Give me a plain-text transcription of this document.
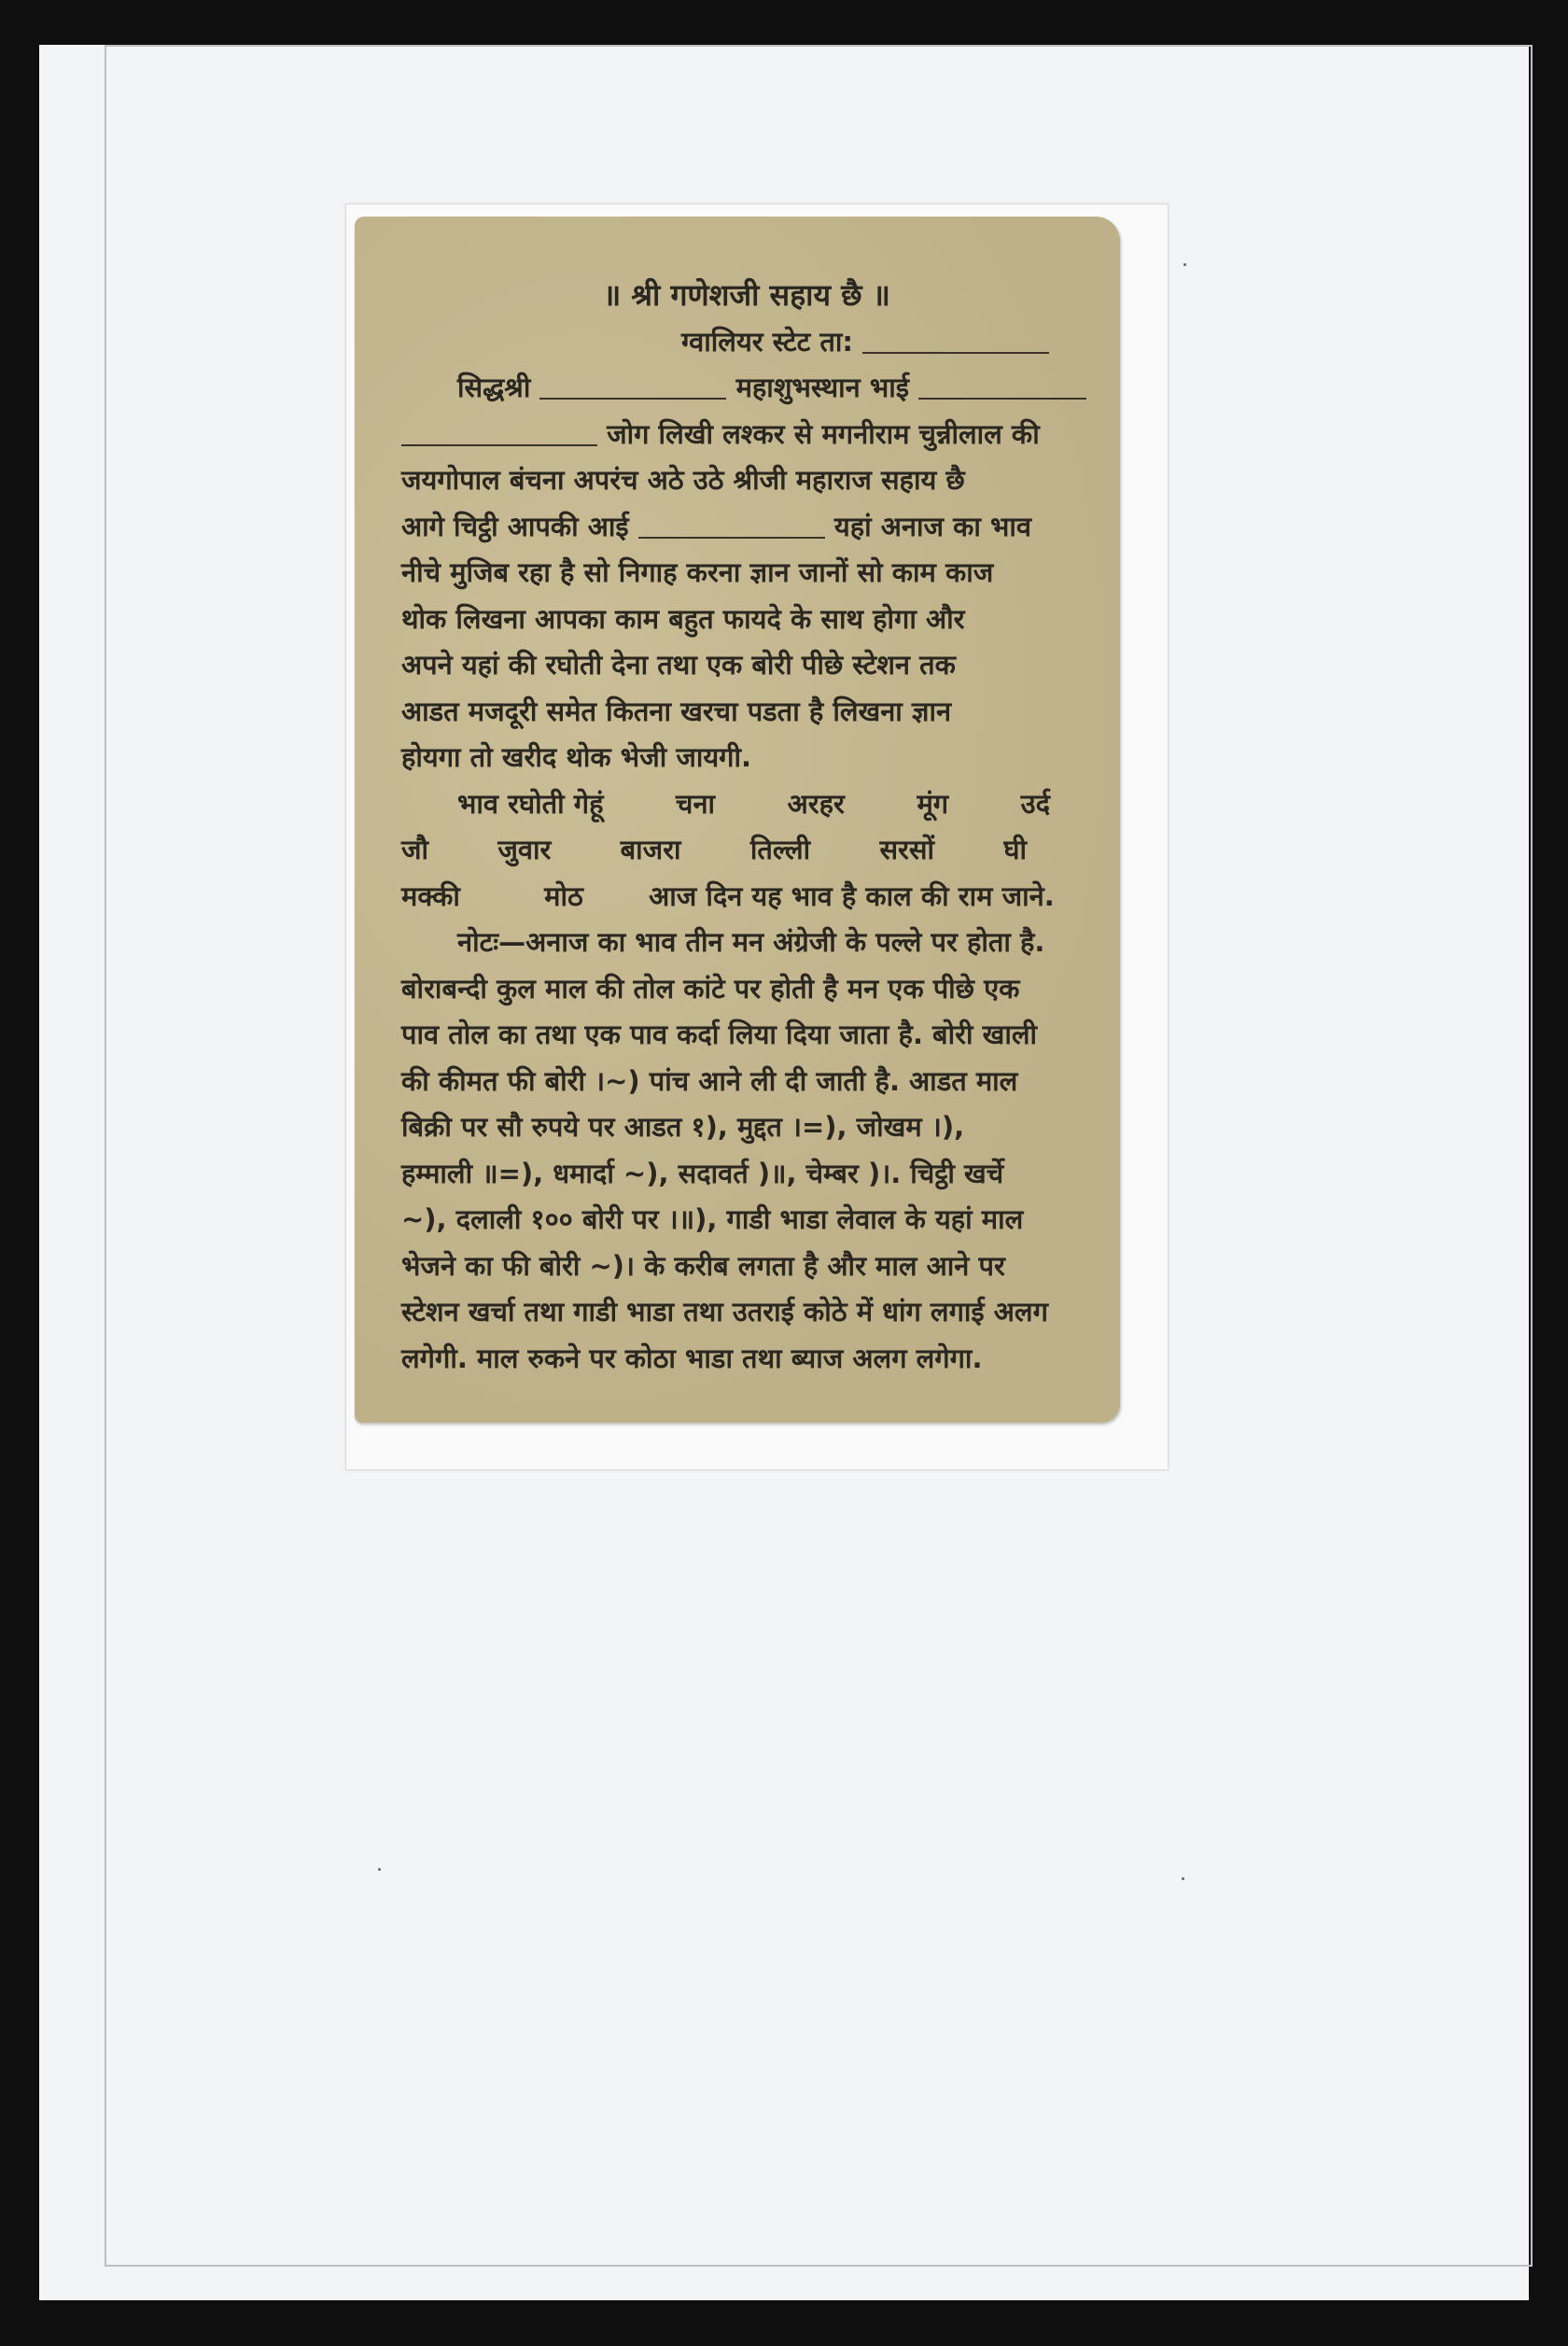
॥ श्री गणेशजी सहाय छै ॥
ग्वालियर स्टेट ता:
सिद्धश्री	महाशुभस्थान भाई
जोग लिखी लश्कर से मगनीराम चुन्नीलाल की
जयगोपाल बंचना अपरंच अठे उठे श्रीजी महाराज सहाय छै
आगे चिट्ठी आपकी आई	यहां अनाज का भाव
नीचे मुजिब रहा है सो निगाह करना ज्ञान जानों सो काम काज
थोक लिखना आपका काम बहुत फायदे के साथ होगा और
अपने यहां की रघोती देना तथा एक बोरी पीछे स्टेशन तक
आडत मजदूरी समेत कितना खरचा पडता है लिखना ज्ञान
होयगा तो खरीद थोक भेजी जायगी.
भाव रघोती गेहूं	चना	अरहर	मूंग	उर्द
जौ	जुवार	बाजरा	तिल्ली	सरसों	घी
मक्की	मोठ आज दिन यह भाव है काल की राम जाने.
नोटः—अनाज का भाव तीन मन अंग्रेजी के पल्ले पर होता है.
बोराबन्दी कुल माल की तोल कांटे पर होती है मन एक पीछे एक
पाव तोल का तथा एक पाव कर्दा लिया दिया जाता है. बोरी खाली
की कीमत फी बोरी ।~) पांच आने ली दी जाती है. आडत माल
बिक्री पर सौ रुपये पर आडत १), मुद्दत ।=), जोखम ।),
हम्माली ॥=), धमार्दा ~), सदावर्त )॥, चेम्बर )।. चिट्ठी खर्चे
~), दलाली १०० बोरी पर ।॥), गाडी भाडा लेवाल के यहां माल
भेजने का फी बोरी ~)। के करीब लगता है और माल आने पर
स्टेशन खर्चा तथा गाडी भाडा तथा उतराई कोठे में धांग लगाई अलग
लगेगी. माल रुकने पर कोठा भाडा तथा ब्याज अलग लगेगा.
